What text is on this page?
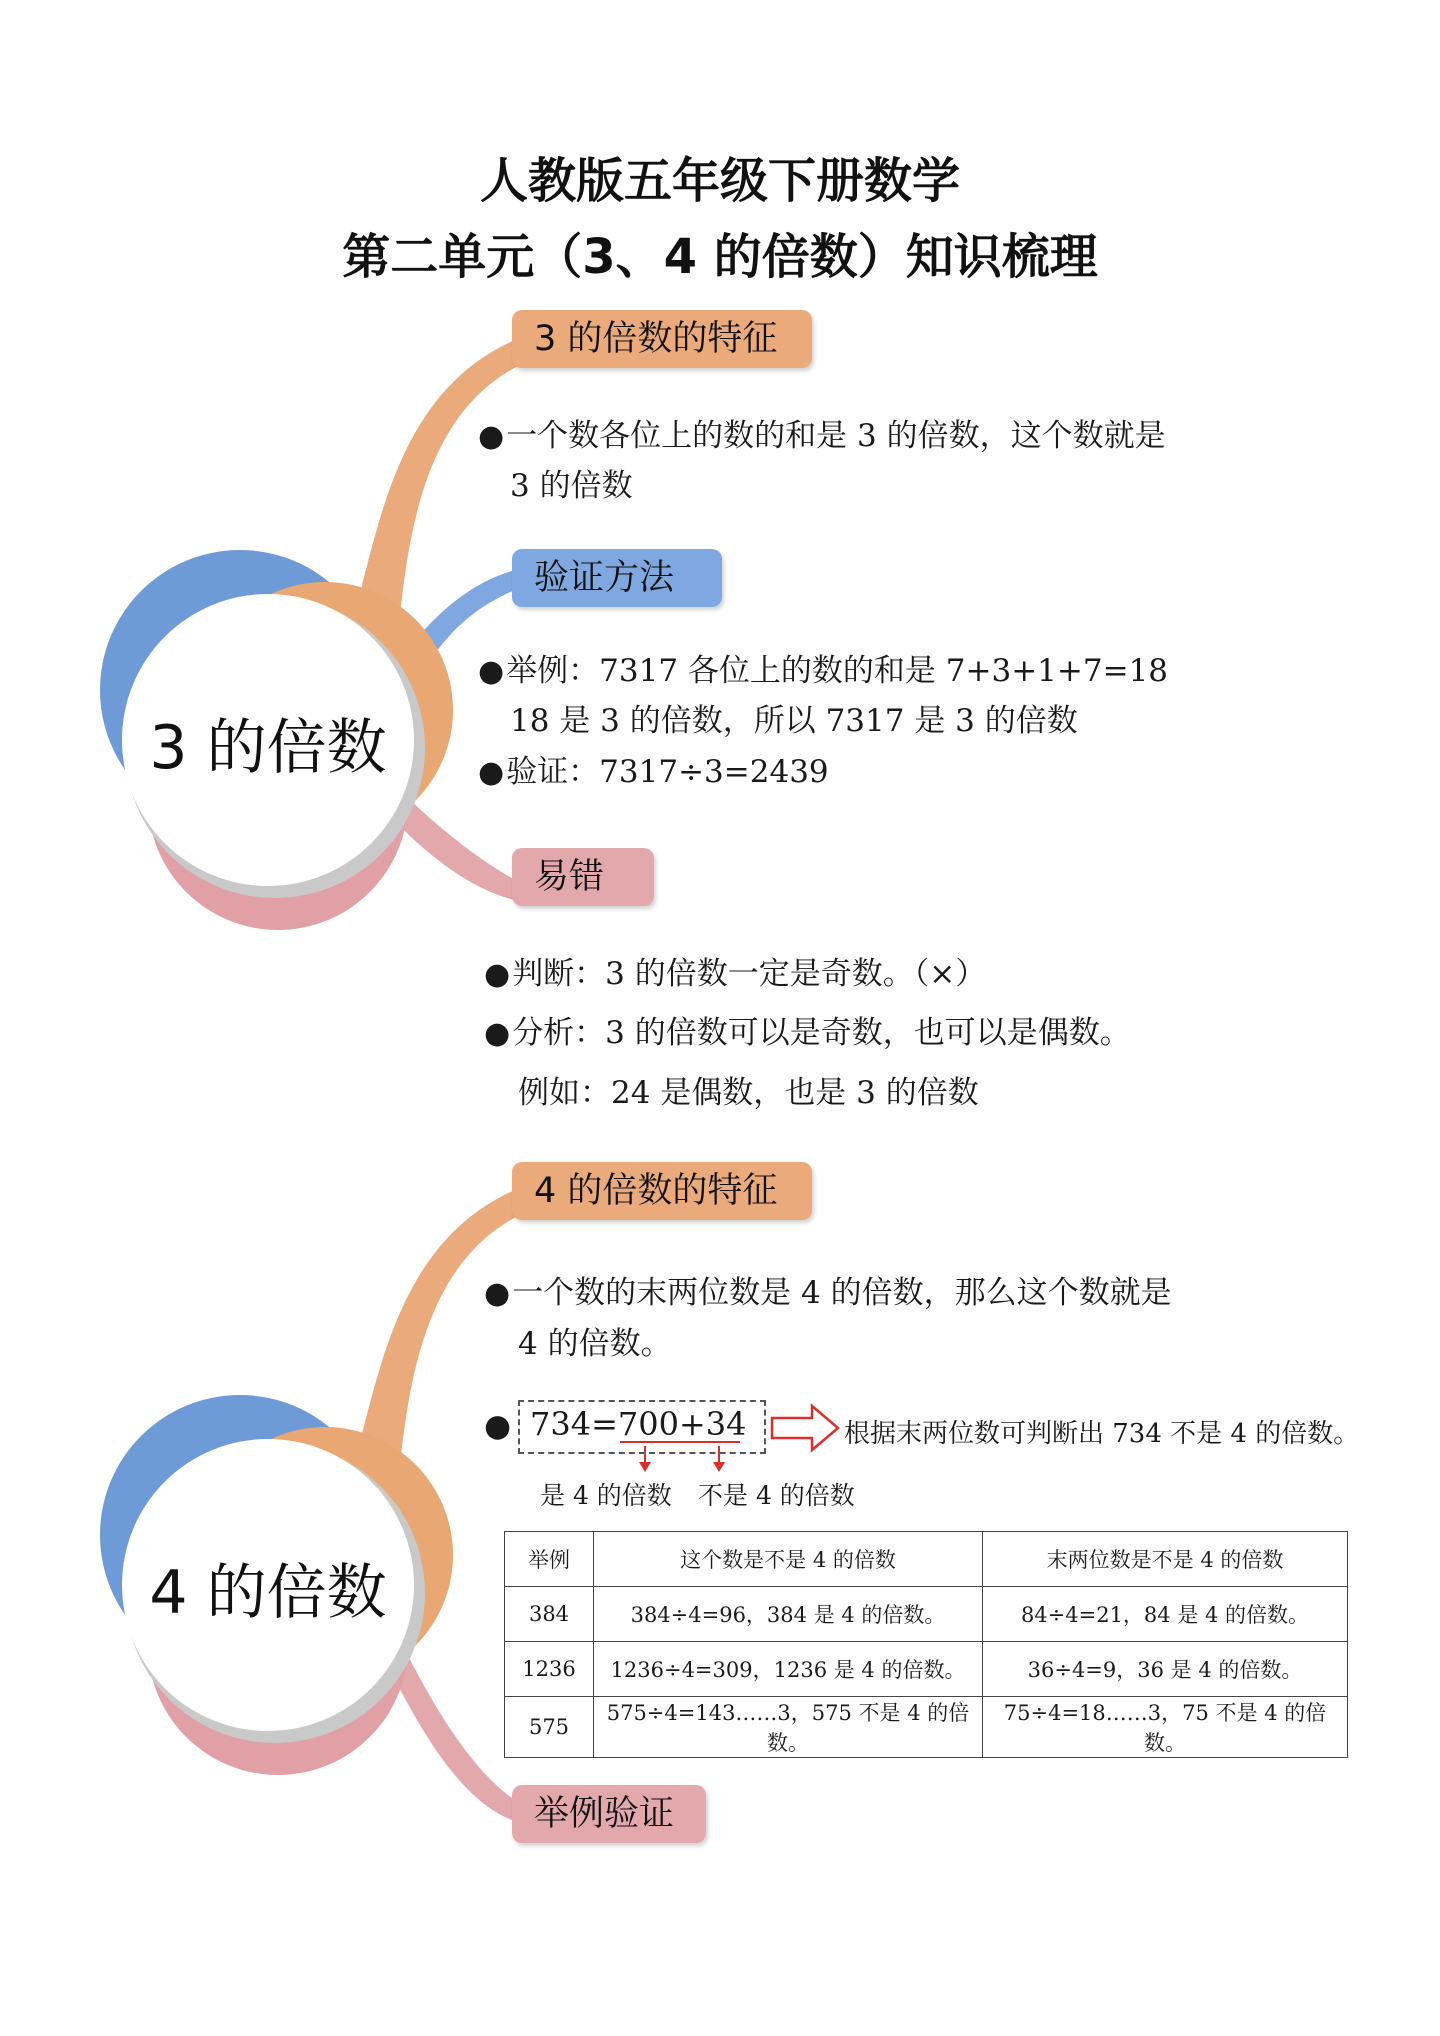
人教版五年级下册数学
第二单元（3、4 的倍数）知识梳理
3 的倍数
3 的倍数的特征
●一个数各位上的数的和是 3 的倍数，这个数就是
3 的倍数
验证方法
●举例：7317 各位上的数的和是 7+3+1+7=18
18 是 3 的倍数，所以 7317 是 3 的倍数
●验证：7317÷3=2439
易错
●判断：3 的倍数一定是奇数。（×）
●分析：3 的倍数可以是奇数，也可以是偶数。
例如：24 是偶数，也是 3 的倍数
4 的倍数
4 的倍数的特征
●一个数的末两位数是 4 的倍数，那么这个数就是
4 的倍数。
● 734=700+34	根据末两位数可判断出 734 不是 4 的倍数。
是 4 的倍数 不是 4 的倍数
举例	这个数是不是 4 的倍数	末两位数是不是 4 的倍数
384	384÷4=96，384 是 4 的倍数。	84÷4=21，84 是 4 的倍数。
1236	1236÷4=309，1236 是 4 的倍数。	36÷4=9，36 是 4 的倍数。
575	575÷4=143……3，575 不是 4 的倍数。	75÷4=18……3，75 不是 4 的倍数。
举例验证
